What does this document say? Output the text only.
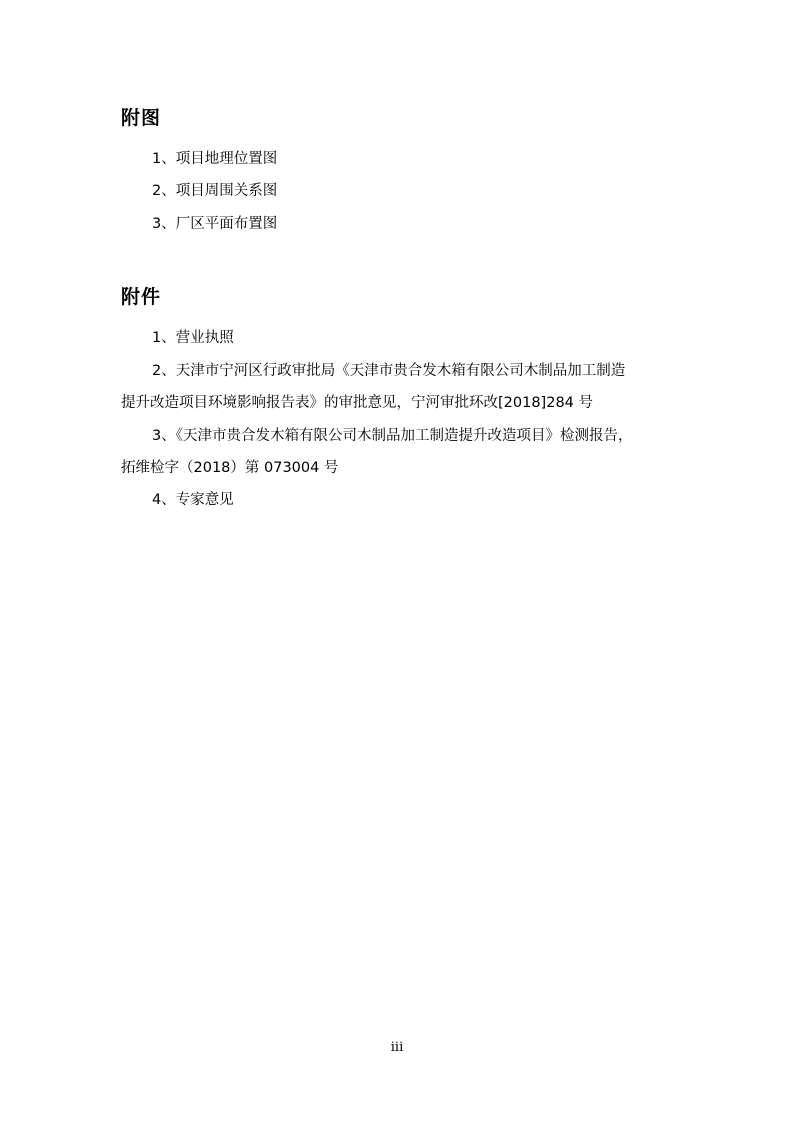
附图
1、项目地理位置图
2、项目周围关系图
3、厂区平面布置图
附件
1、营业执照
2、天津市宁河区行政审批局《天津市贵合发木箱有限公司木制品加工制造
提升改造项目环境影响报告表》的审批意见，宁河审批环改[2018]284 号
3、《天津市贵合发木箱有限公司木制品加工制造提升改造项目》检测报告，
拓维检字（2018）第 073004 号
4、专家意见
iii
